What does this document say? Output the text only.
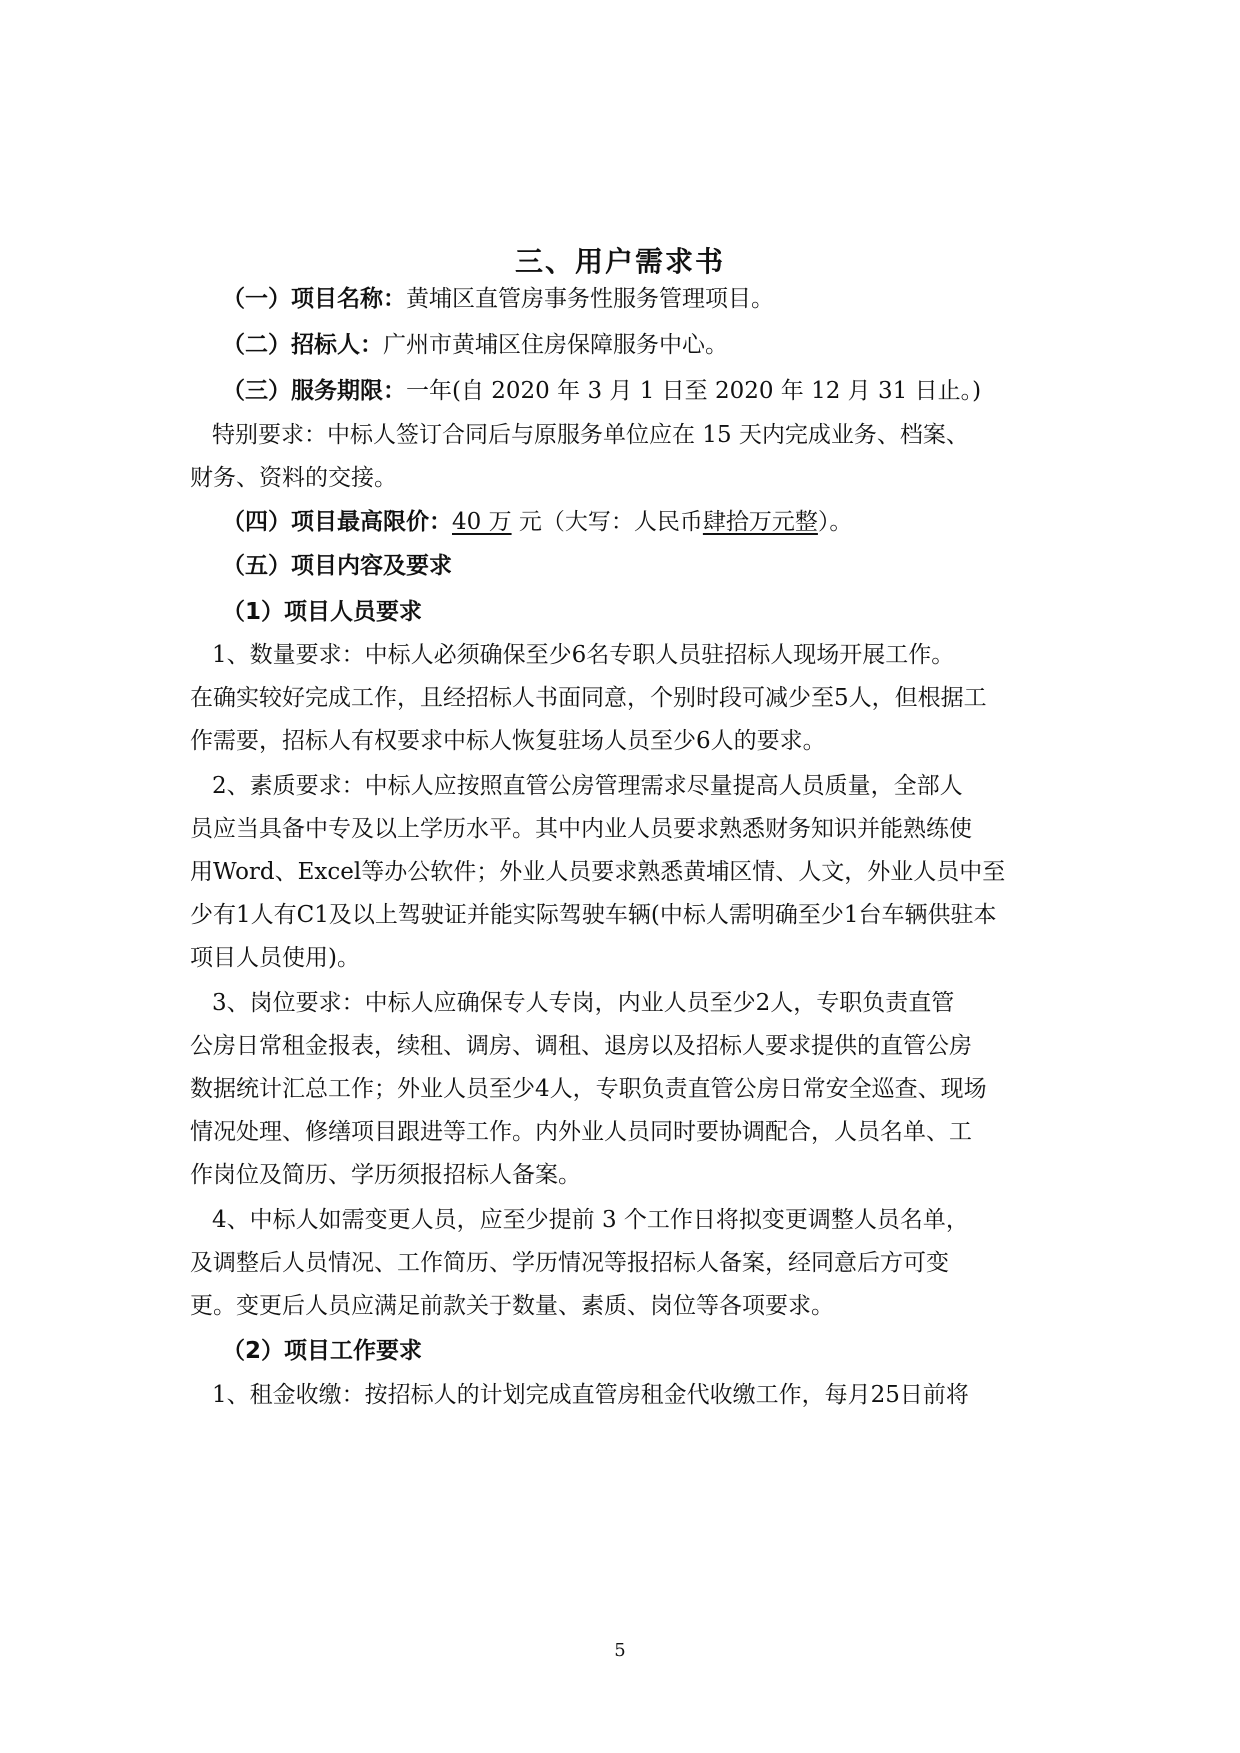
三、用户需求书
（一）项目名称：黄埔区直管房事务性服务管理项目。
（二）招标人：广州市黄埔区住房保障服务中心。
（三）服务期限：一年(自 2020 年 3 月 1 日至 2020 年 12 月 31 日止。)
特别要求：中标人签订合同后与原服务单位应在 15 天内完成业务、档案、
财务、资料的交接。
（四）项目最高限价：40 万 元（大写：人民币肆拾万元整）。
（五）项目内容及要求
（1）项目人员要求
1、数量要求：中标人必须确保至少6名专职人员驻招标人现场开展工作。
在确实较好完成工作，且经招标人书面同意，个别时段可减少至5人，但根据工
作需要，招标人有权要求中标人恢复驻场人员至少6人的要求。
2、素质要求：中标人应按照直管公房管理需求尽量提高人员质量，全部人
员应当具备中专及以上学历水平。其中内业人员要求熟悉财务知识并能熟练使
用Word、Excel等办公软件；外业人员要求熟悉黄埔区情、人文，外业人员中至
少有1人有C1及以上驾驶证并能实际驾驶车辆(中标人需明确至少1台车辆供驻本
项目人员使用)。
3、岗位要求：中标人应确保专人专岗，内业人员至少2人，专职负责直管
公房日常租金报表，续租、调房、调租、退房以及招标人要求提供的直管公房
数据统计汇总工作；外业人员至少4人，专职负责直管公房日常安全巡查、现场
情况处理、修缮项目跟进等工作。内外业人员同时要协调配合，人员名单、工
作岗位及简历、学历须报招标人备案。
4、中标人如需变更人员，应至少提前 3 个工作日将拟变更调整人员名单，
及调整后人员情况、工作简历、学历情况等报招标人备案，经同意后方可变
更。变更后人员应满足前款关于数量、素质、岗位等各项要求。
（2）项目工作要求
1、租金收缴：按招标人的计划完成直管房租金代收缴工作，每月25日前将
5
